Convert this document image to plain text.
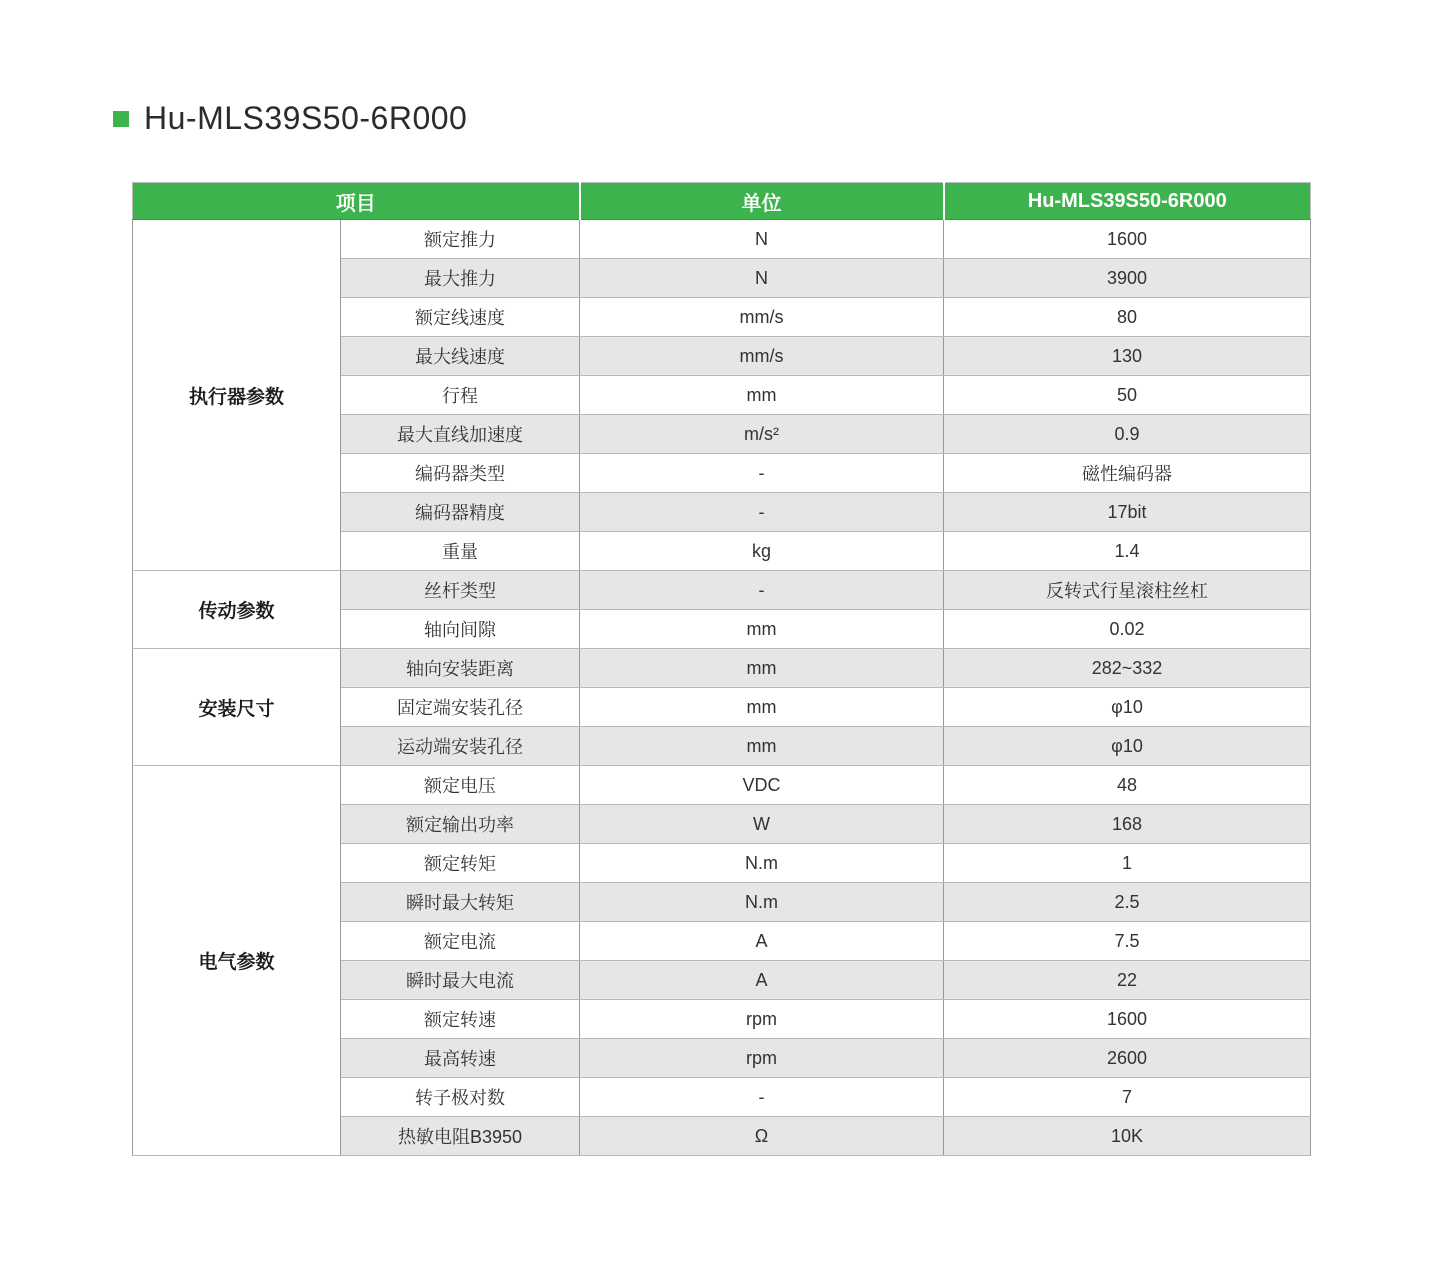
Hu-MLS39S50-6R000
项目		单位	Hu-MLS39S50-6R000
执行器参数	额定推力	N	1600
	最大推力	N	3900
	额定线速度	mm/s	80
	最大线速度	mm/s	130
	行程	mm	50
	最大直线加速度	m/s²	0.9
	编码器类型	-	磁性编码器
	编码器精度	-	17bit
	重量	kg	1.4
传动参数	丝杆类型	-	反转式行星滚柱丝杠
	轴向间隙	mm	0.02
安装尺寸	轴向安装距离	mm	282~332
	固定端安装孔径	mm	φ10
	运动端安装孔径	mm	φ10
电气参数	额定电压	VDC	48
	额定输出功率	W	168
	额定转矩	N.m	1
	瞬时最大转矩	N.m	2.5
	额定电流	A	7.5
	瞬时最大电流	A	22
	额定转速	rpm	1600
	最高转速	rpm	2600
	转子极对数	-	7
	热敏电阻B3950	Ω	10K
